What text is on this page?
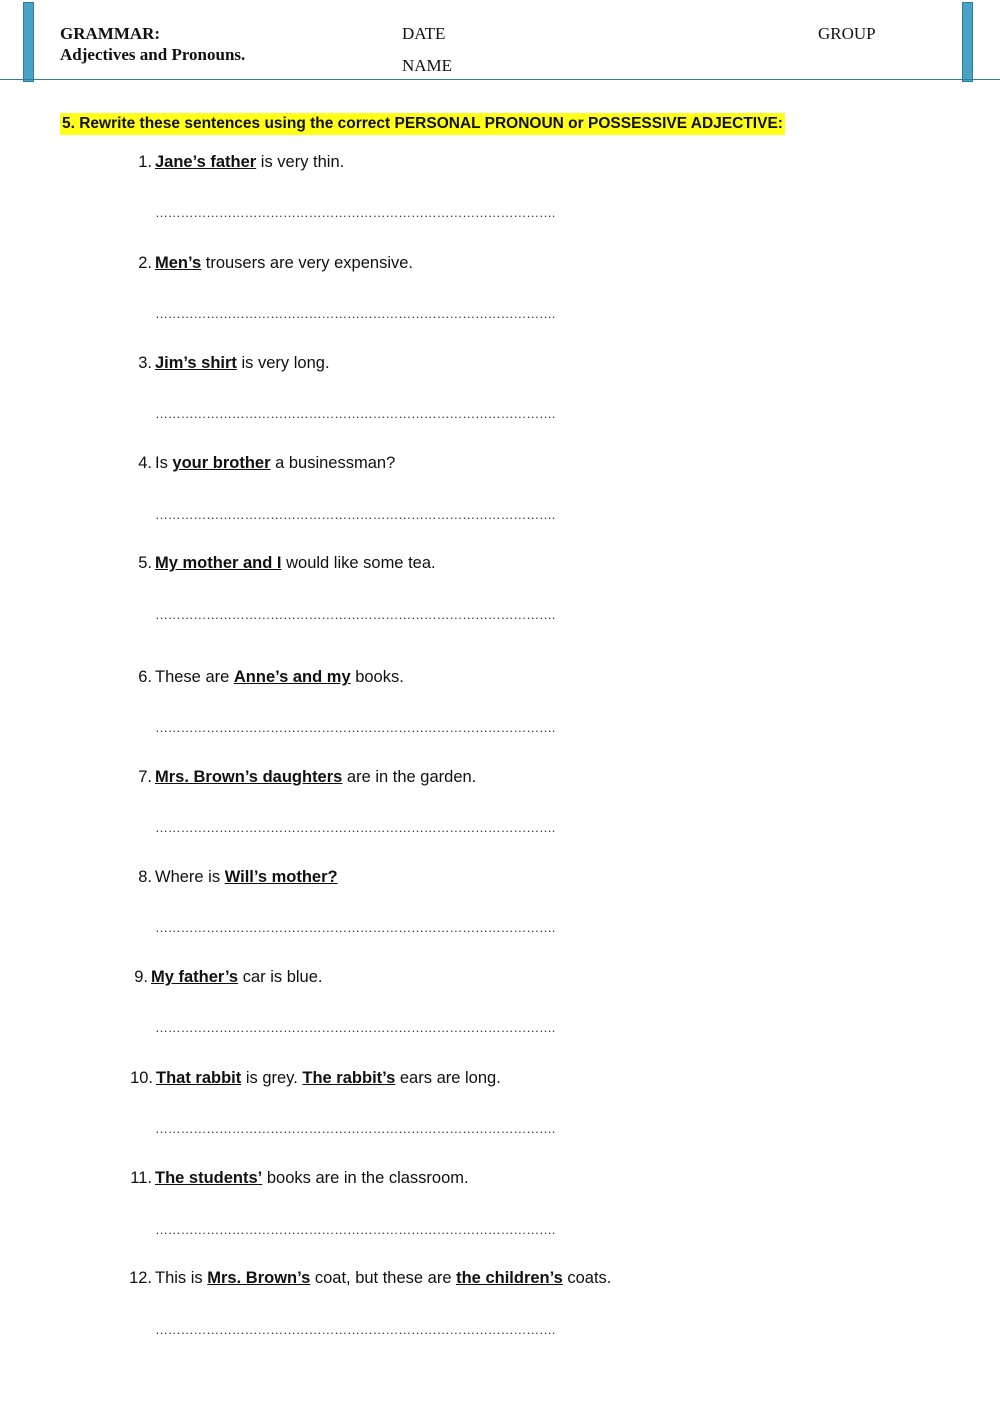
GRAMMAR:
Adjectives and Pronouns.
DATE
NAME
GROUP
5. Rewrite these sentences using the correct PERSONAL PRONOUN or POSSESSIVE ADJECTIVE:
1. Jane’s father is very thin.
………………………………………………………………………………….
2. Men’s trousers are very expensive.
………………………………………………………………………………….
3. Jim’s shirt is very long.
………………………………………………………………………………….
4. Is your brother a businessman?
………………………………………………………………………………….
5. My mother and I would like some tea.
………………………………………………………………………………….
6. These are Anne’s and my books.
………………………………………………………………………………….
7. Mrs. Brown’s daughters are in the garden.
………………………………………………………………………………….
8. Where is Will’s mother?
………………………………………………………………………………….
9. My father’s car is blue.
………………………………………………………………………………….
10. That rabbit is grey. The rabbit’s ears are long.
………………………………………………………………………………….
11. The students’ books are in the classroom.
………………………………………………………………………………….
12. This is Mrs. Brown’s coat, but these are the children’s coats.
………………………………………………………………………………….
